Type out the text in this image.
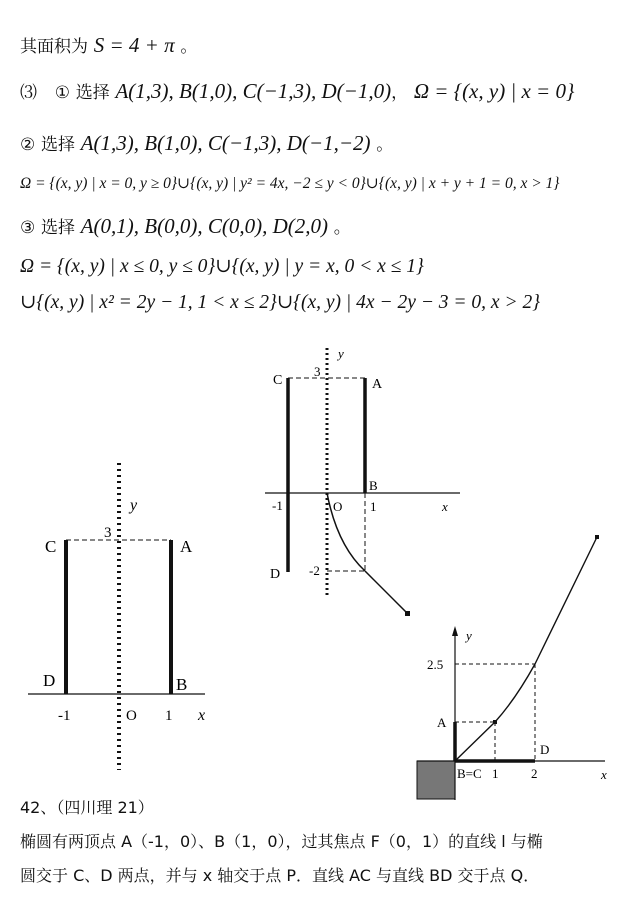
其面积为 S = 4 + π 。
⑶ ① 选择 A(1,3), B(1,0), C(−1,3), D(−1,0)， Ω = {(x, y) | x = 0}
② 选择 A(1,3), B(1,0), C(−1,3), D(−1,−2) 。
Ω = {(x, y) | x = 0, y ≥ 0}∪{(x, y) | y² = 4x, −2 ≤ y < 0}∪{(x, y) | x + y + 1 = 0, x > 1}
③ 选择 A(0,1), B(0,0), C(0,0), D(2,0) 。
Ω = {(x, y) | x ≤ 0, y ≤ 0}∪{(x, y) | y = x, 0 < x ≤ 1}
∪{(x, y) | x² = 2y − 1, 1 < x ≤ 2}∪{(x, y) | 4x − 2y − 3 = 0, x > 2}
C	A
D	B
y
x
3
-1	O 1
C	A
y
3
B
-1	O 1	x
D -2
y
2.5
A
D
B=C 1	2	x
42、（四川理 21）
椭圆有两顶点 A（-1，0）、B（1，0），过其焦点 F（0，1）的直线 l 与椭
圆交于 C、D 两点，并与 x 轴交于点 P．直线 AC 与直线 BD 交于点 Q．
